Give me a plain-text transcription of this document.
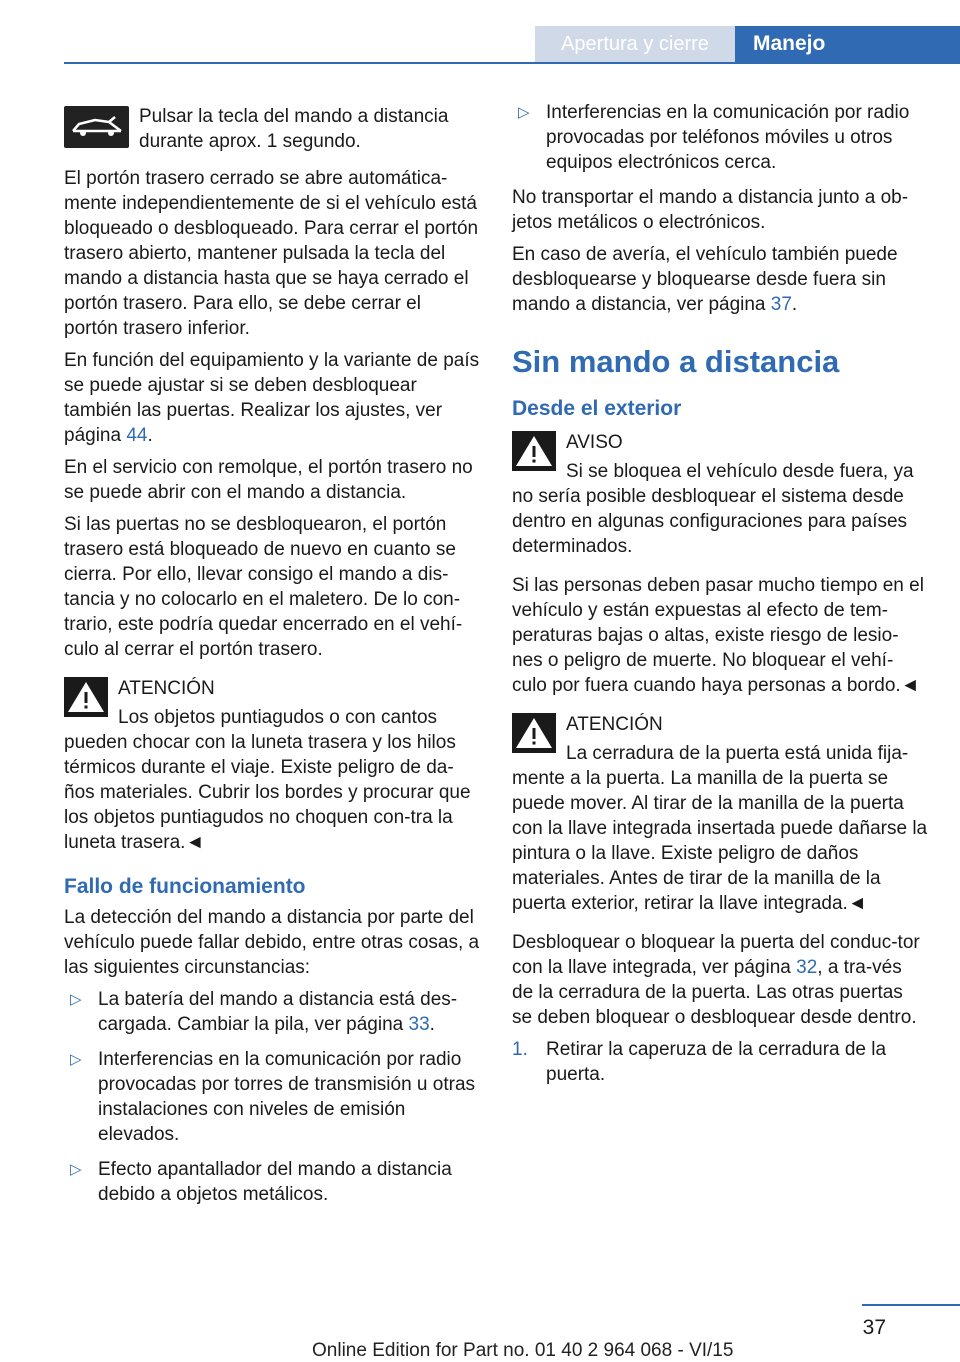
Apertura y cierre	Manejo
Pulsar la tecla del mando a distancia durante aprox. 1 segundo.

El portón trasero cerrado se abre automática‐mente independientemente de si el vehículo está bloqueado o desbloqueado. Para cerrar el portón trasero abierto, mantener pulsada la tecla del mando a distancia hasta que se haya cerrado el portón trasero. Para ello, se debe cerrar el portón trasero inferior.

En función del equipamiento y la variante de país se puede ajustar si se deben desbloquear también las puertas. Realizar los ajustes, ver página 44.

En el servicio con remolque, el portón trasero no se puede abrir con el mando a distancia.

Si las puertas no se desbloquearon, el portón trasero está bloqueado de nuevo en cuanto se cierra. Por ello, llevar consigo el mando a dis‐tancia y no colocarlo en el maletero. De lo con‐trario, este podría quedar encerrado en el vehí‐culo al cerrar el portón trasero.

ATENCIÓN
Los objetos puntiagudos o con cantos pueden chocar con la luneta trasera y los hilos térmicos durante el viaje. Existe peligro de da‐ños materiales. Cubrir los bordes y procurar que los objetos puntiagudos no choquen con‐tra la luneta trasera.◄
Fallo de funcionamiento

La detección del mando a distancia por parte del vehículo puede fallar debido, entre otras cosas, a las siguientes circunstancias:

▷ La batería del mando a distancia está des‐cargada. Cambiar la pila, ver página 33.
▷ Interferencias en la comunicación por radio provocadas por torres de transmisión u otras instalaciones con niveles de emisión elevados.
▷ Efecto apantallador del mando a distancia debido a objetos metálicos.
▷ Interferencias en la comunicación por radio provocadas por teléfonos móviles u otros equipos electrónicos cerca.

No transportar el mando a distancia junto a ob‐jetos metálicos o electrónicos.

En caso de avería, el vehículo también puede desbloquearse y bloquearse desde fuera sin mando a distancia, ver página 37.

Sin mando a distancia
Desde el exterior
AVISO
Si se bloquea el vehículo desde fuera, ya no sería posible desbloquear el sistema desde dentro en algunas configuraciones para países determinados.

Si las personas deben pasar mucho tiempo en el vehículo y están expuestas al efecto de tem‐peraturas bajas o altas, existe riesgo de lesio‐nes o peligro de muerte. No bloquear el vehí‐culo por fuera cuando haya personas a bordo.◄

ATENCIÓN
La cerradura de la puerta está unida fija‐mente a la puerta. La manilla de la puerta se puede mover. Al tirar de la manilla de la puerta con la llave integrada insertada puede dañarse la pintura o la llave. Existe peligro de daños materiales. Antes de tirar de la manilla de la puerta exterior, retirar la llave integrada.◄

Desbloquear o bloquear la puerta del conduc‐tor con la llave integrada, ver página 32, a tra‐vés de la cerradura de la puerta. Las otras puertas se deben bloquear o desbloquear desde dentro.

1. Retirar la caperuza de la cerradura de la puerta.
37
Online Edition for Part no. 01 40 2 964 068 - VI/15
